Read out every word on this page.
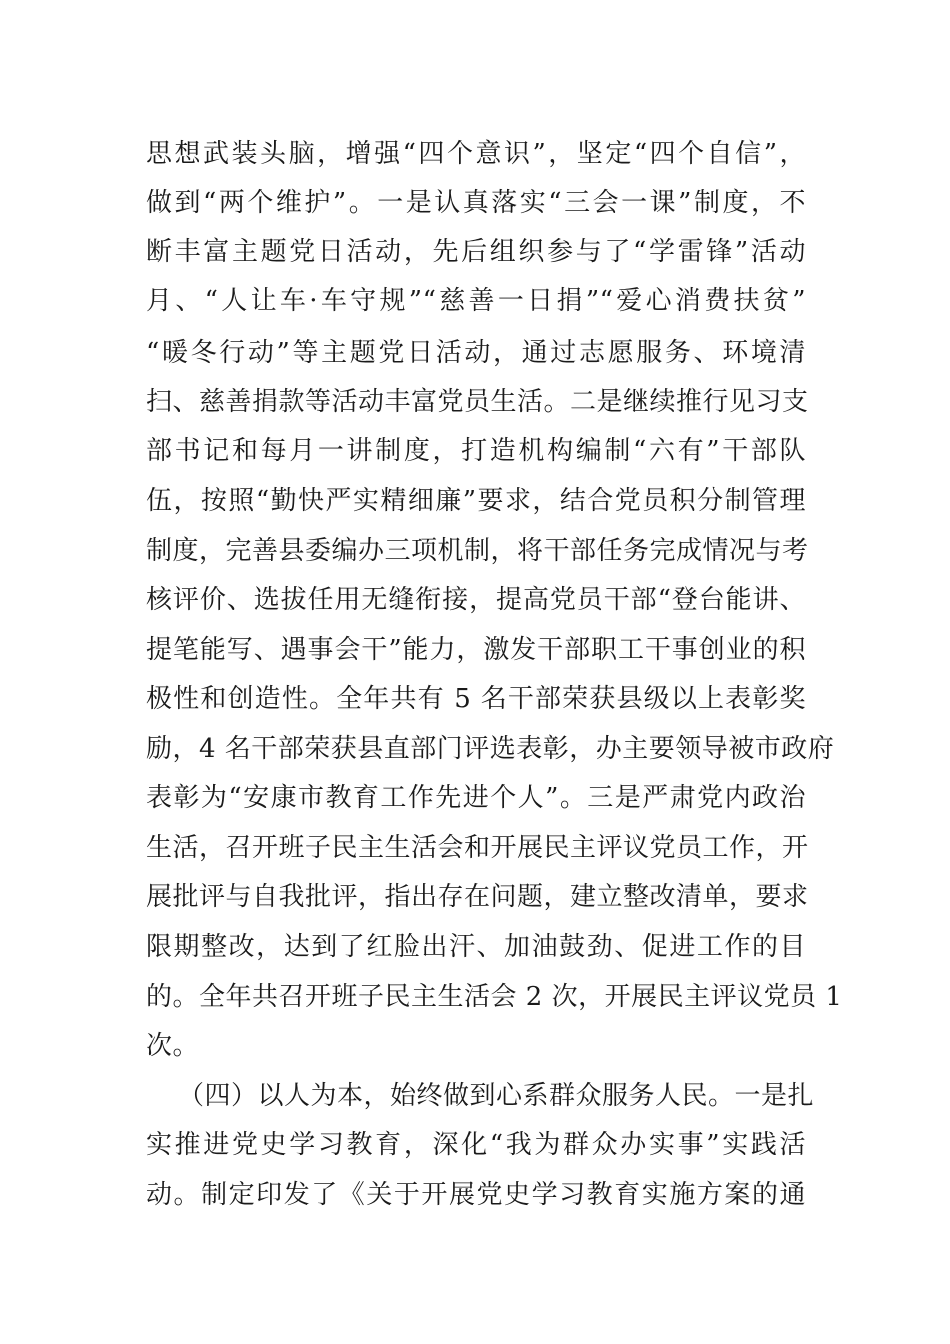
思想武装头脑，增强“四个意识”，坚定“四个自信”，
做到“两个维护”。一是认真落实“三会一课”制度，不
断丰富主题党日活动，先后组织参与了“学雷锋”活动
月、“人让车·车守规”“慈善一日捐”“爱心消费扶贫”
“暖冬行动”等主题党日活动，通过志愿服务、环境清
扫、慈善捐款等活动丰富党员生活。二是继续推行见习支
部书记和每月一讲制度，打造机构编制“六有”干部队
伍，按照“勤快严实精细廉”要求，结合党员积分制管理
制度，完善县委编办三项机制，将干部任务完成情况与考
核评价、选拔任用无缝衔接，提高党员干部“登台能讲、
提笔能写、遇事会干”能力，激发干部职工干事创业的积
极性和创造性。全年共有 5 名干部荣获县级以上表彰奖
励，4 名干部荣获县直部门评选表彰，办主要领导被市政府
表彰为“安康市教育工作先进个人”。三是严肃党内政治
生活，召开班子民主生活会和开展民主评议党员工作，开
展批评与自我批评，指出存在问题，建立整改清单，要求
限期整改，达到了红脸出汗、加油鼓劲、促进工作的目
的。全年共召开班子民主生活会 2 次，开展民主评议党员 1
次。
（四）以人为本，始终做到心系群众服务人民。一是扎
实推进党史学习教育，深化“我为群众办实事”实践活
动。制定印发了《关于开展党史学习教育实施方案的通
